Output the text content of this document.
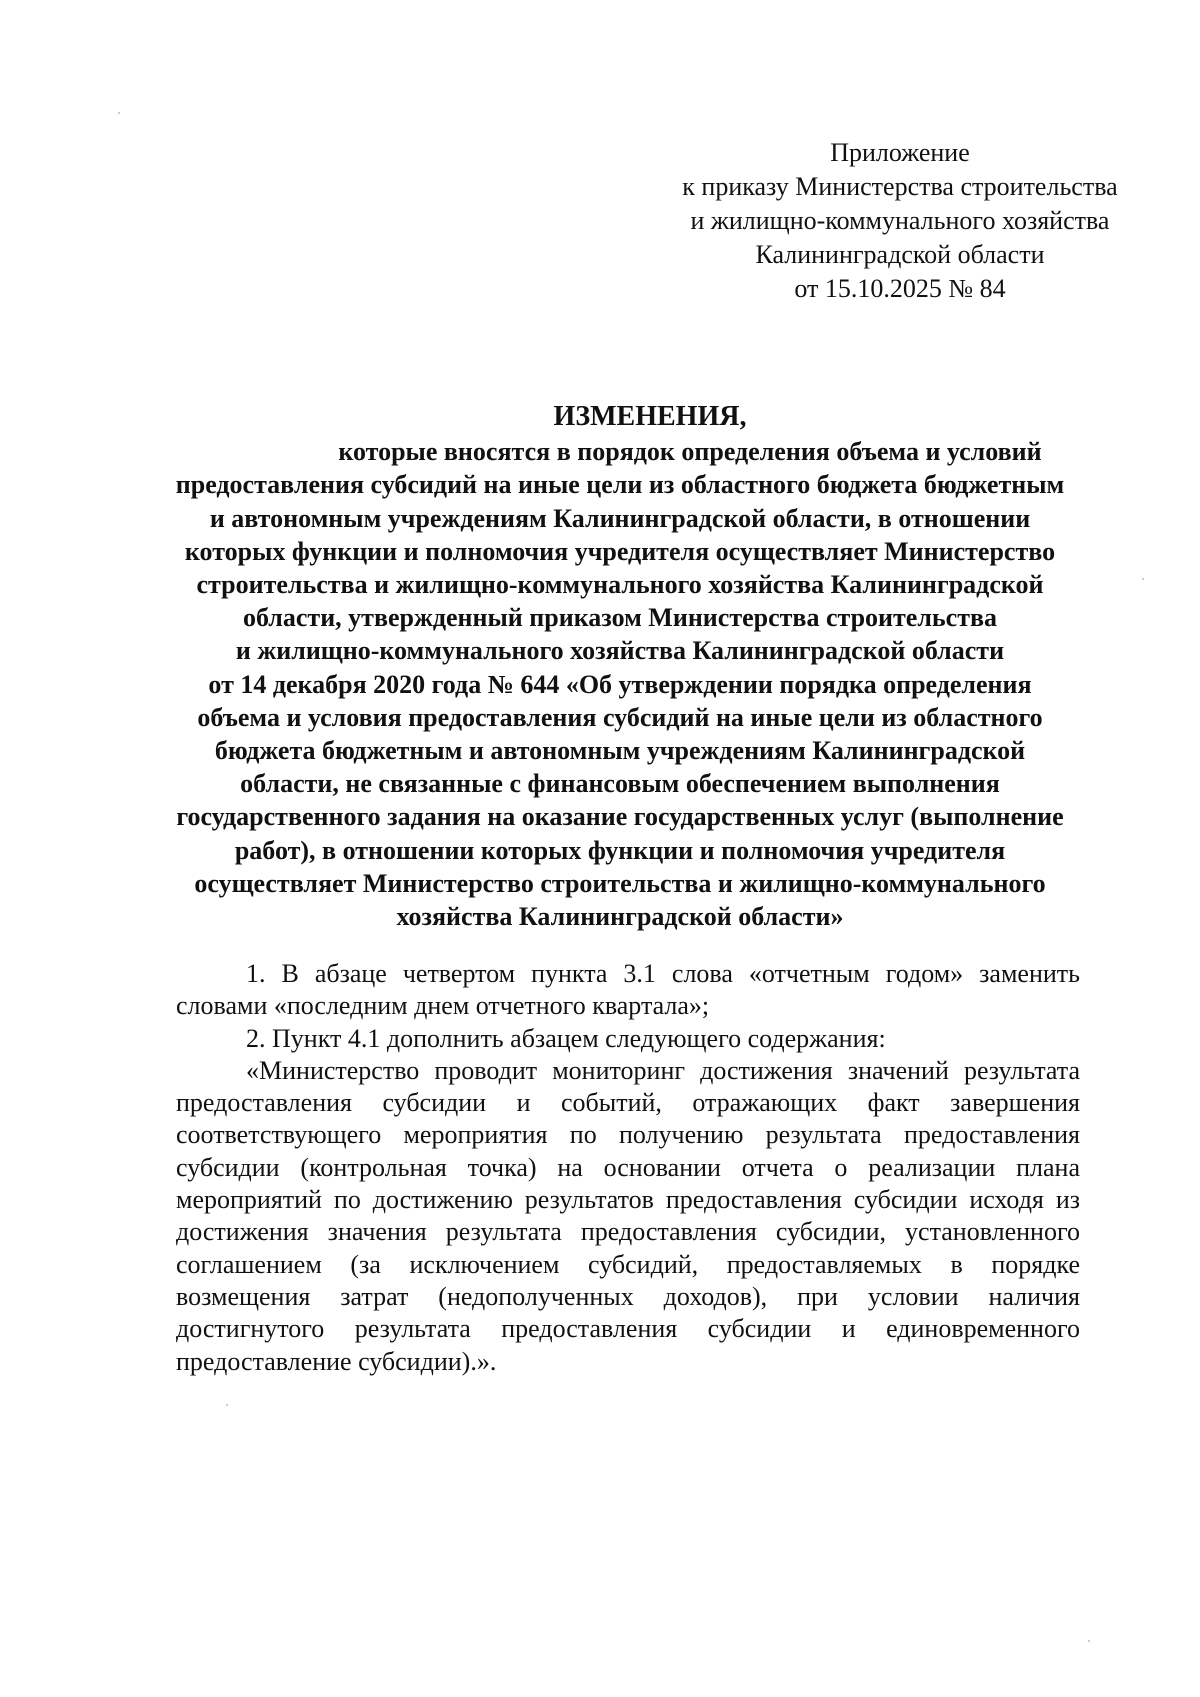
Приложение
к приказу Министерства строительства
и жилищно-коммунального хозяйства
Калининградской области
от 15.10.2025 № 84
ИЗМЕНЕНИЯ,
которые вносятся в порядок определения объема и условий
предоставления субсидий на иные цели из областного бюджета бюджетным
и автономным учреждениям Калининградской области, в отношении
которых функции и полномочия учредителя осуществляет Министерство
строительства и жилищно-коммунального хозяйства Калининградской
области, утвержденный приказом Министерства строительства
и жилищно-коммунального хозяйства Калининградской области
от 14 декабря 2020 года № 644 «Об утверждении порядка определения
объема и условия предоставления субсидий на иные цели из областного
бюджета бюджетным и автономным учреждениям Калининградской
области, не связанные с финансовым обеспечением выполнения
государственного задания на оказание государственных услуг (выполнение
работ), в отношении которых функции и полномочия учредителя
осуществляет Министерство строительства и жилищно-коммунального
хозяйства Калининградской области»

1. В абзаце четвертом пункта 3.1 слова «отчетным годом» заменить словами «последним днем отчетного квартала»;

2. Пункт 4.1 дополнить абзацем следующего содержания:

«Министерство проводит мониторинг достижения значений результата предоставления субсидии и событий, отражающих факт завершения соответствующего мероприятия по получению результата предоставления субсидии (контрольная точка) на основании отчета о реализации плана мероприятий по достижению результатов предоставления субсидии исходя из достижения значения результата предоставления субсидии, установленного соглашением (за исключением субсидий, предоставляемых в порядке возмещения затрат (недополученных доходов), при условии наличия достигнутого результата предоставления субсидии и единовременного предоставление субсидии).».
